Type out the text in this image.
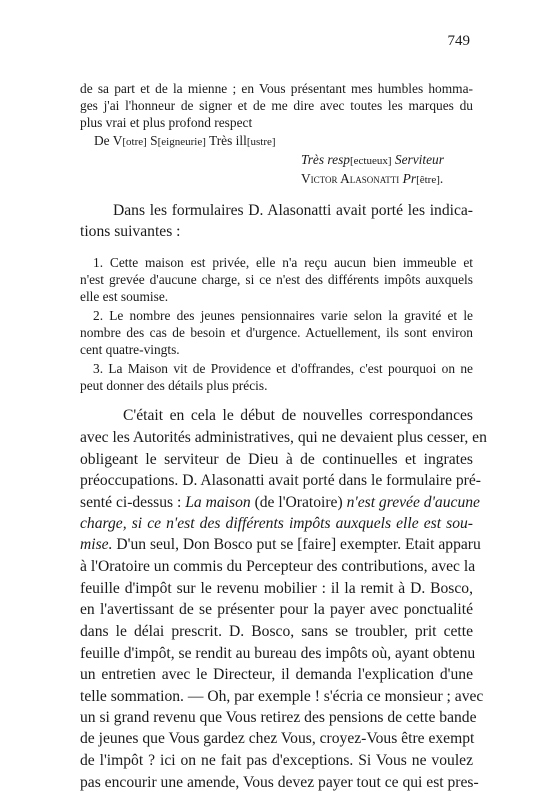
749
de sa part et de la mienne ; en Vous présentant mes humbles homma-
ges j'ai l'honneur de signer et de me dire avec toutes les marques du
plus vrai et plus profond respect
De V[otre] S[eigneurie] Très ill[ustre]
Très resp[ectueux] Serviteur
Victor Alasonatti Pr[être].
Dans les formulaires D. Alasonatti avait porté les indica-
tions suivantes :
1. Cette maison est privée, elle n'a reçu aucun bien immeuble et
n'est grevée d'aucune charge, si ce n'est des différents impôts auxquels
elle est soumise.
2. Le nombre des jeunes pensionnaires varie selon la gravité et le
nombre des cas de besoin et d'urgence. Actuellement, ils sont environ
cent quatre-vingts.
3. La Maison vit de Providence et d'offrandes, c'est pourquoi on ne
peut donner des détails plus précis.
C'était en cela le début de nouvelles correspondances
avec les Autorités administratives, qui ne devaient plus cesser, en
obligeant le serviteur de Dieu à de continuelles et ingrates
préoccupations. D. Alasonatti avait porté dans le formulaire pré-
senté ci-dessus : La maison (de l'Oratoire) n'est grevée d'aucune
charge, si ce n'est des différents impôts auxquels elle est sou-
mise. D'un seul, Don Bosco put se [faire] exempter. Etait apparu
à l'Oratoire un commis du Percepteur des contributions, avec la
feuille d'impôt sur le revenu mobilier : il la remit à D. Bosco,
en l'avertissant de se présenter pour la payer avec ponctualité
dans le délai prescrit. D. Bosco, sans se troubler, prit cette
feuille d'impôt, se rendit au bureau des impôts où, ayant obtenu
un entretien avec le Directeur, il demanda l'explication d'une
telle sommation. — Oh, par exemple ! s'écria ce monsieur ; avec
un si grand revenu que Vous retirez des pensions de cette bande
de jeunes que Vous gardez chez Vous, croyez-Vous être exempt
de l'impôt ? ici on ne fait pas d'exceptions. Si Vous ne voulez
pas encourir une amende, Vous devez payer tout ce qui est pres-
